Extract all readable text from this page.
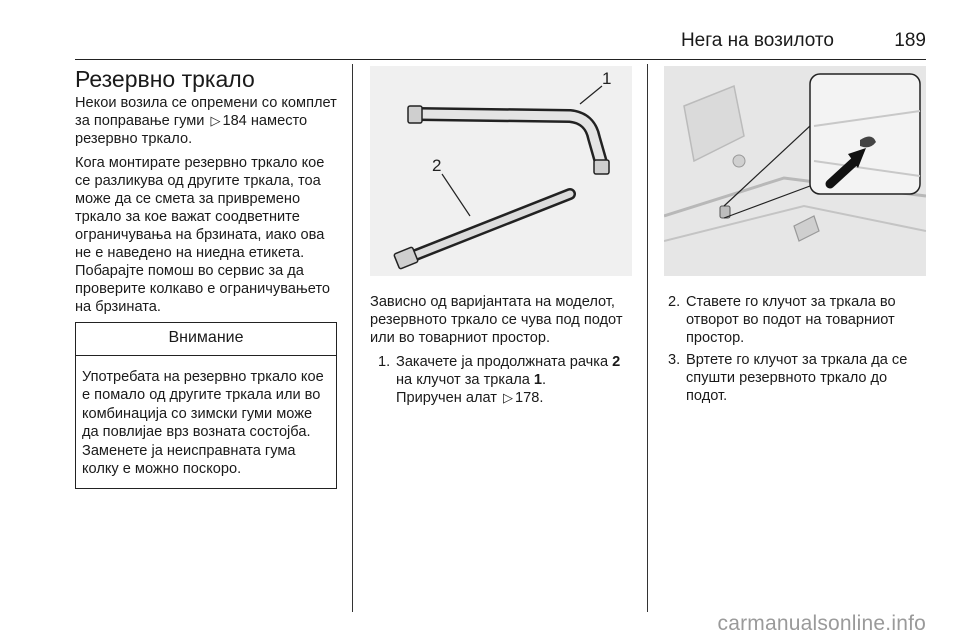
Нега на возилото	189
Резервно тркало

Некои возила се опремени со комплет за поправање гуми ▷ 184 наместо резервно тркало.

Кога монтирате резервно тркало кое се разликува од другите тркала, тоа може да се смета за привремено тркало за кое важат соодветните ограничувања на брзината, иако ова не е наведено на ниедна етикета. Побарајте помош во сервис за да проверите колкаво е ограничувањето на брзината.

Внимание
Употребата на резервно тркало кое е помало од другите тркала или во комбинација со зимски гуми може да повлијае врз возната состојба. Заменете ја неисправната гума колку е можно поскоро.
1
2

Зависно од варијантата на моделот, резервното тркало се чува под подот или во товарниот простор.

1. Закачете ја продолжната рачка 2 на клучот за тркала 1.
Приручен алат ▷ 178.
2. Ставете го клучот за тркала во отворот во подот на товарниот простор.
3. Вртете го клучот за тркала да се спушти резервното тркало до подот.
carmanualsonline.info
